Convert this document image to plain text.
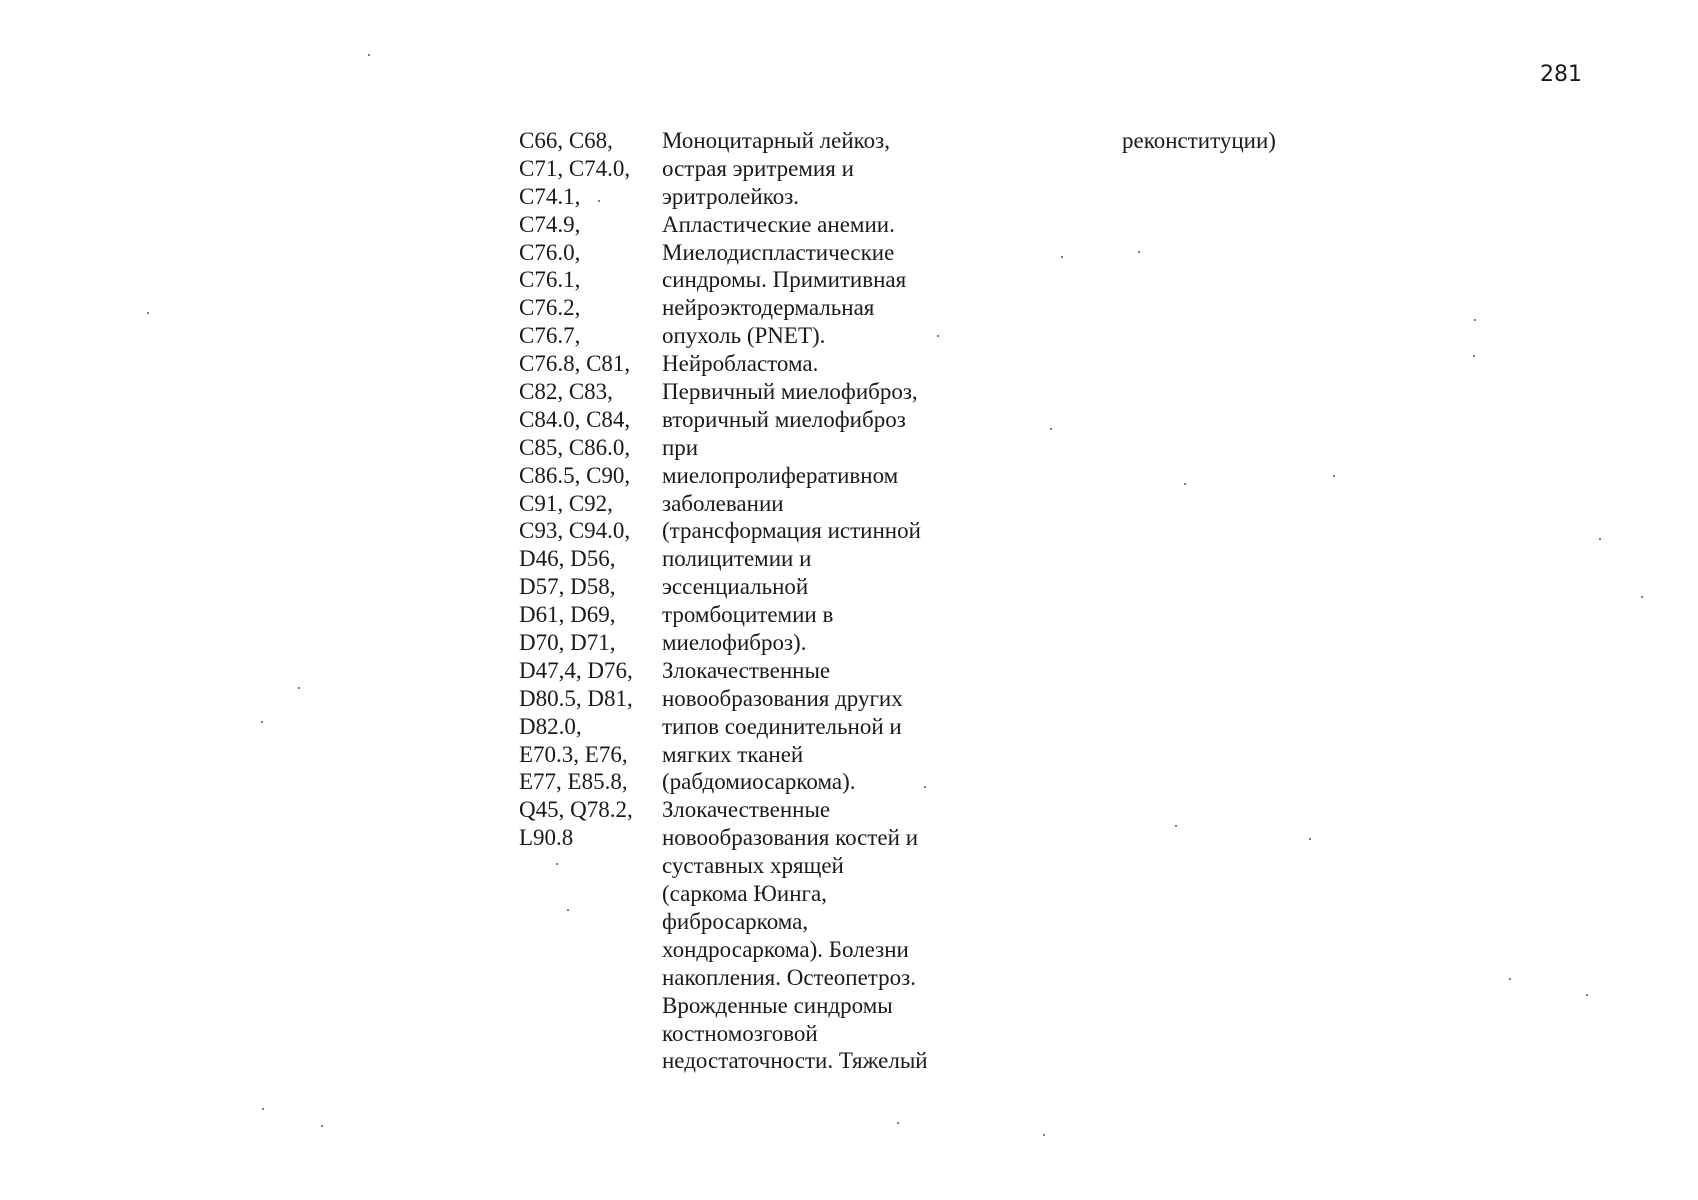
281
C66, C68,
C71, C74.0,
C74.1,
C74.9,
C76.0,
C76.1,
C76.2,
C76.7,
C76.8, C81,
C82, C83,
C84.0, C84,
C85, C86.0,
C86.5, C90,
C91, C92,
C93, C94.0,
D46, D56,
D57, D58,
D61, D69,
D70, D71,
D47,4, D76,
D80.5, D81,
D82.0,
E70.3, E76,
E77, E85.8,
Q45, Q78.2,
L90.8
Моноцитарный лейкоз,
острая эритремия и
эритролейкоз.
Апластические анемии.
Миелодиспластические
синдромы. Примитивная
нейроэктодермальная
опухоль (PNET).
Нейробластома.
Первичный миелофиброз,
вторичный миелофиброз
при
миелопролиферативном
заболевании
(трансформация истинной
полицитемии и
эссенциальной
тромбоцитемии в
миелофиброз).
Злокачественные
новообразования других
типов соединительной и
мягких тканей
(рабдомиосаркома).
Злокачественные
новообразования костей и
суставных хрящей
(саркома Юинга,
фибросаркома,
хондросаркома). Болезни
накопления. Остеопетроз.
Врожденные синдромы
костномозговой
недостаточности. Тяжелый
реконституции)
